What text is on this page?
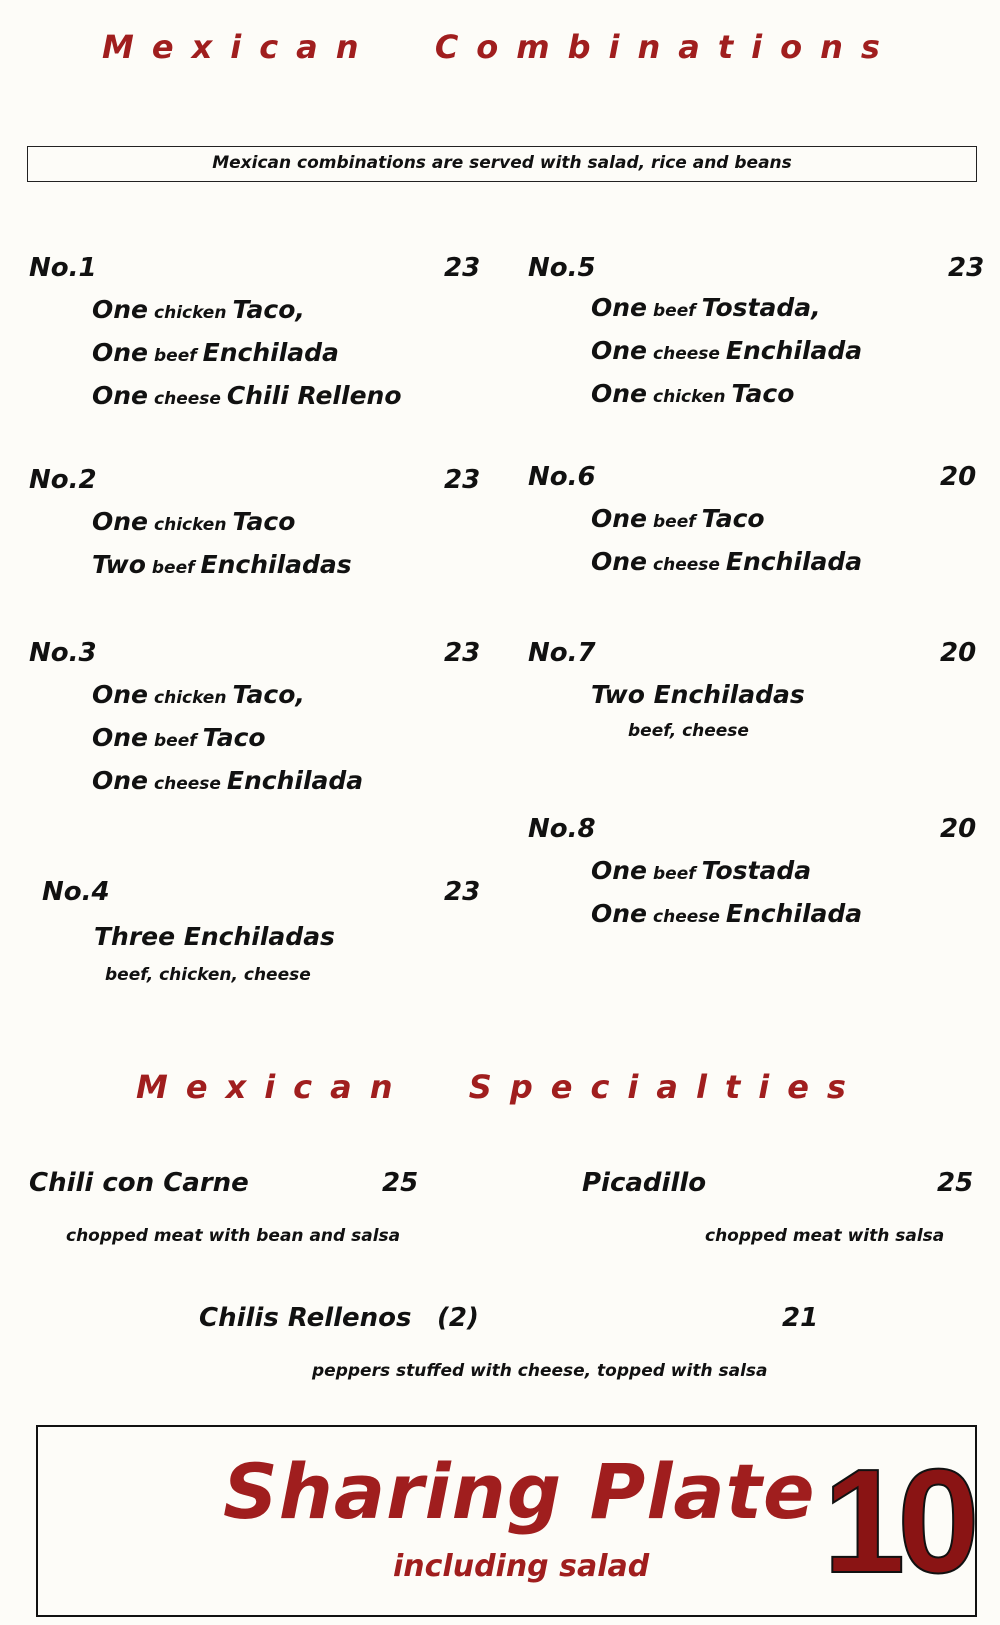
Mexican  Combinations
Mexican combinations are served with salad, rice and beans
No.1	23
One chicken Taco,
One beef Enchilada
One cheese Chili Relleno
No.2	23
One chicken Taco
Two beef Enchiladas
No.3	23
One chicken Taco,
One beef Taco
One cheese Enchilada
No.4	23
Three Enchiladas
beef, chicken, cheese
No.5	23
One beef Tostada,
One cheese Enchilada
One chicken Taco
No.6	20
One beef Taco
One cheese Enchilada
No.7	20
Two Enchiladas
beef, cheese
No.8	20
One beef Tostada
One cheese Enchilada
Mexican  Specialties
Chili con Carne	25
chopped meat with bean and salsa
Picadillo	25
chopped meat with salsa
Chilis Rellenos (2)	21
peppers stuffed with cheese, topped with salsa
Sharing Plate
including salad 10
